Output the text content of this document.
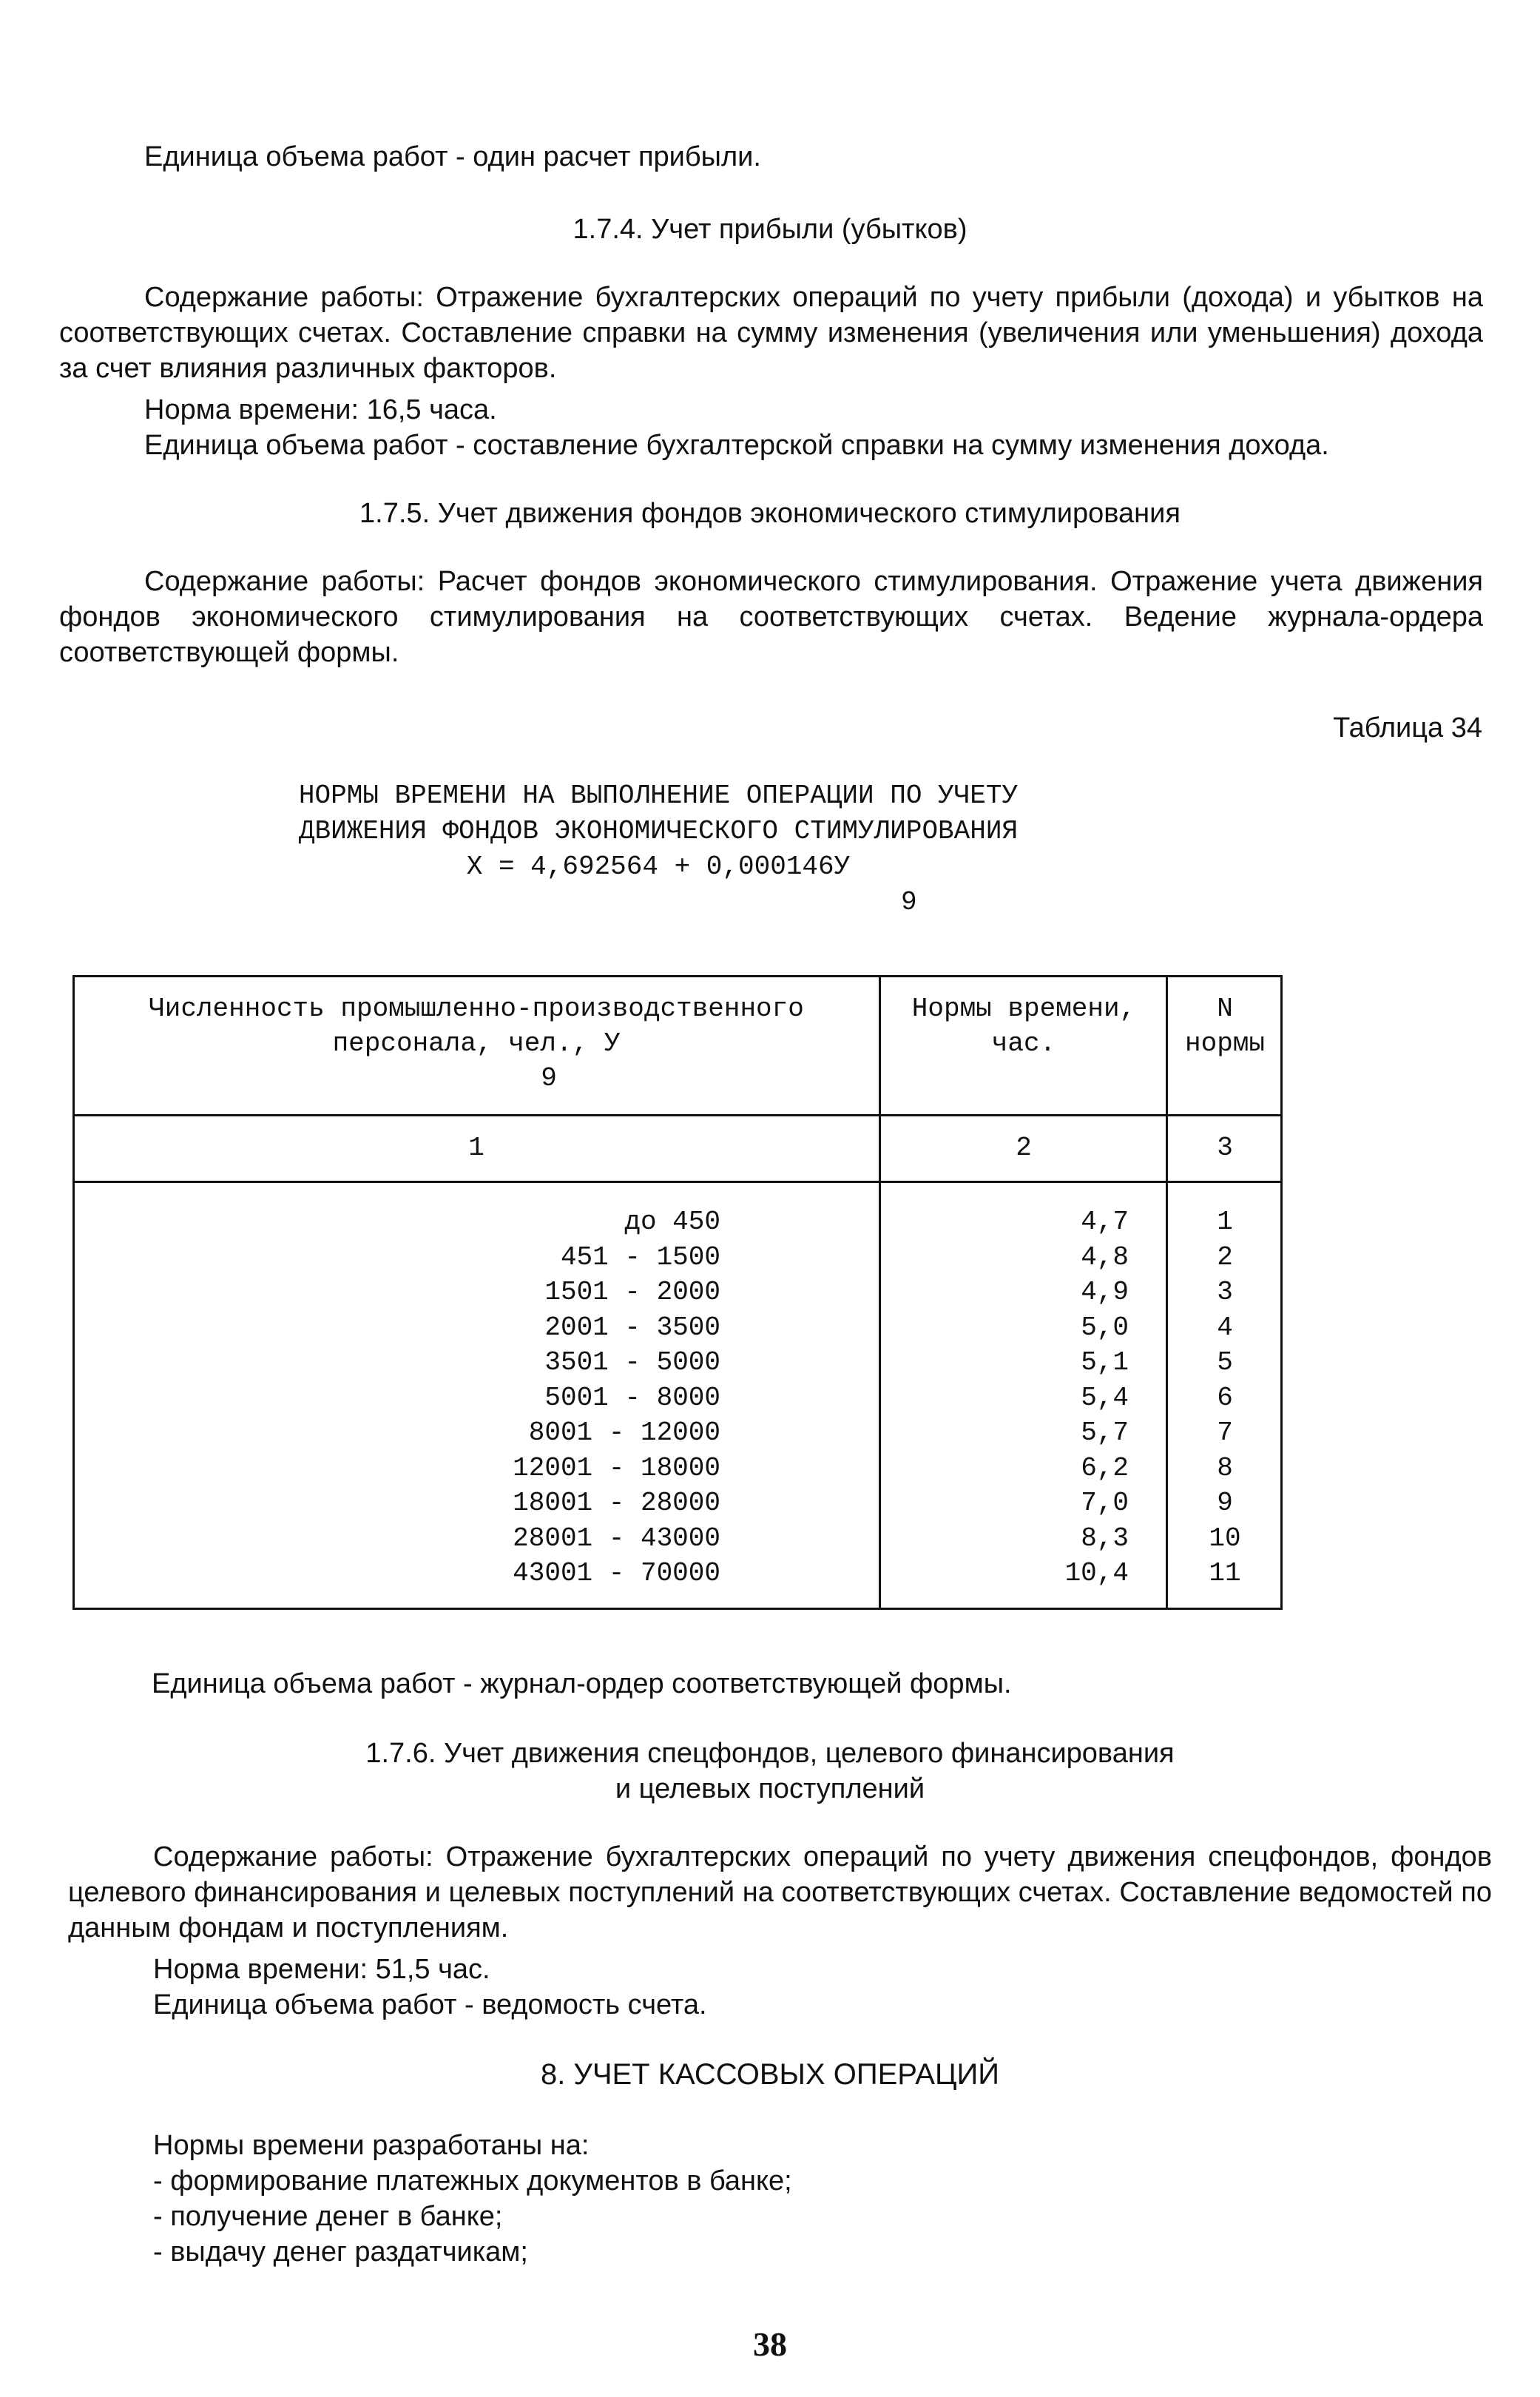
Единица объема работ - один расчет прибыли.

1.7.4. Учет прибыли (убытков)

Содержание работы: Отражение бухгалтерских операций по учету прибыли (дохода) и убытков на соответствующих счетах. Составление справки на сумму изменения (увеличения или уменьшения) дохода за счет влияния различных факторов.

Норма времени: 16,5 часа.

Единица объема работ - составление бухгалтерской справки на сумму изменения дохода.

1.7.5. Учет движения фондов экономического стимулирования

Содержание работы: Расчет фондов экономического стимулирования. Отражение учета движения фондов экономического стимулирования на соответствующих счетах. Ведение журнала-ордера соответствующей формы.

Таблица 34

НОРМЫ ВРЕМЕНИ НА ВЫПОЛНЕНИЕ ОПЕРАЦИИ ПО УЧЕТУ

ДВИЖЕНИЯ ФОНДОВ ЭКОНОМИЧЕСКОГО СТИМУЛИРОВАНИЯ

Х = 4,692564 + 0,000146У

9

Численность промышленно-производственного
персонала, чел., У
9
Нормы времени,
час.
N
нормы
1	2	3
до 450
451 - 1500
1501 - 2000
2001 - 3500
3501 - 5000
5001 - 8000
8001 - 12000
12001 - 18000
18001 - 28000
28001 - 43000
43001 - 70000
4,7
4,8
4,9
5,0
5,1
5,4
5,7
6,2
7,0
8,3
10,4
1
2
3
4
5
6
7
8
9
10
11

Единица объема работ - журнал-ордер соответствующей формы.

1.7.6. Учет движения спецфондов, целевого финансирования

и целевых поступлений

Содержание работы: Отражение бухгалтерских операций по учету движения спецфондов, фондов целевого финансирования и целевых поступлений на соответствующих счетах. Составление ведомостей по данным фондам и поступлениям.

Норма времени: 51,5 час.

Единица объема работ - ведомость счета.

8. УЧЕТ КАССОВЫХ ОПЕРАЦИЙ

Нормы времени разработаны на:

- формирование платежных документов в банке;

- получение денег в банке;

- выдачу денег раздатчикам;

38
